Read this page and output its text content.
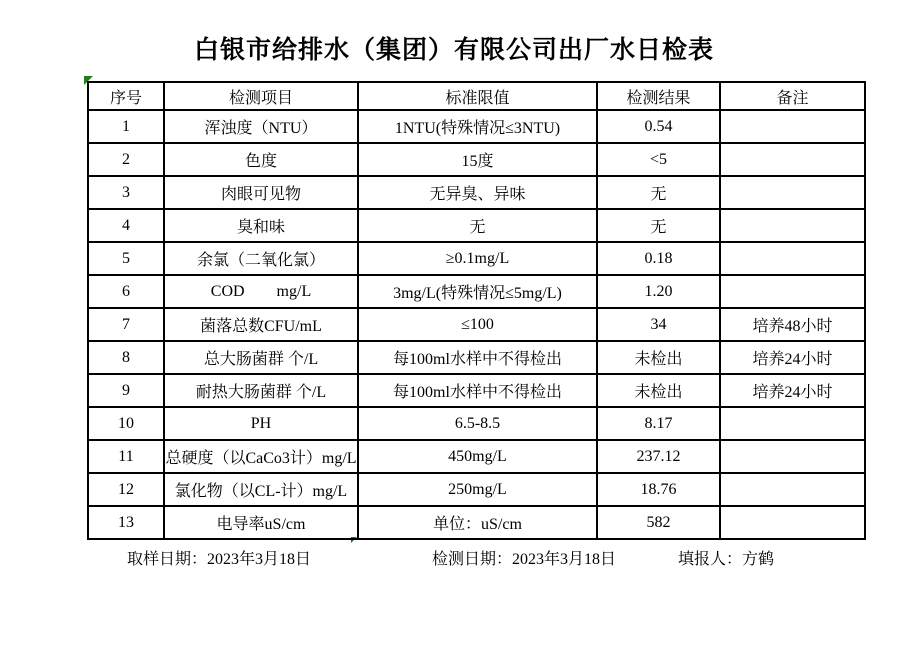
白银市给排水（集团）有限公司出厂水日检表
序号	检测项目	标准限值	检测结果	备注
1	浑浊度（NTU）	1NTU(特殊情况≤3NTU)	0.54	
2	色度	15度	<5	
3	肉眼可见物	无异臭、异味	无	
4	臭和味	无	无	
5	余氯（二氧化氯）	≥0.1mg/L	0.18	
6	COD        mg/L	3mg/L(特殊情况≤5mg/L)	1.20	
7	菌落总数CFU/mL	≤100	34	培养48小时
8	总大肠菌群 个/L	每100ml水样中不得检出	未检出	培养24小时
9	耐热大肠菌群 个/L	每100ml水样中不得检出	未检出	培养24小时
10	PH	6.5-8.5	8.17	
11	总硬度（以CaCo3计）mg/L	450mg/L	237.12	
12	氯化物（以CL-计）mg/L	250mg/L	18.76	
13	电导率uS/cm	单位：uS/cm	582	
取样日期：2023年3月18日	检测日期：2023年3月18日	填报人：方鹤
